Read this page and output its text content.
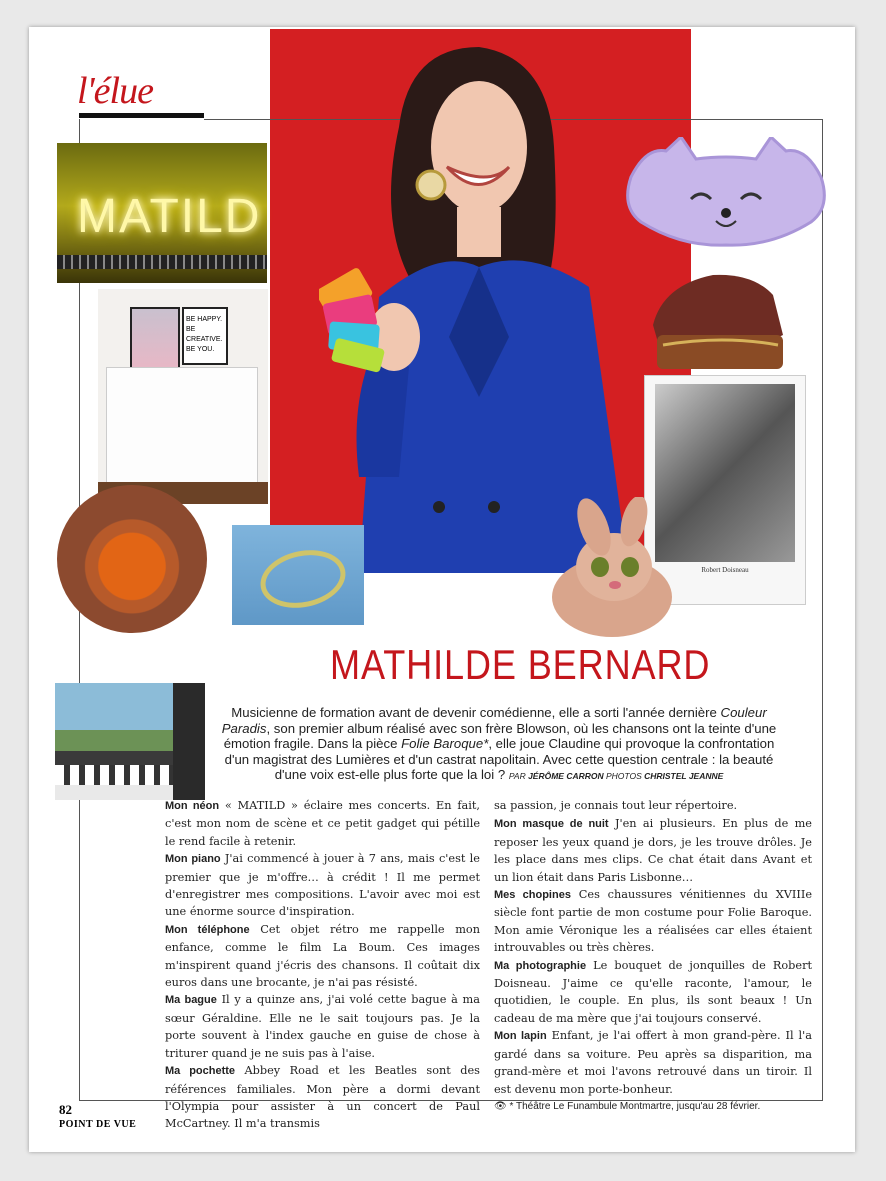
l'élue
MATILD
BE HAPPY.
BE CREATIVE.
BE YOU.
Robert Doisneau
MATHILDE BERNARD
Musicienne de formation avant de devenir comédienne, elle a sorti l'année dernière Couleur Paradis, son premier album réalisé avec son frère Blowson, où les chansons ont la teinte d'une émotion fragile. Dans la pièce Folie Baroque*, elle joue Claudine qui provoque la confrontation d'un magistrat des Lumières et d'un castrat napolitain. Avec cette question centrale : la beauté d'une voix est-elle plus forte que la loi ? PAR JÉRÔME CARRON PHOTOS CHRISTEL JEANNE

Mon néon « MATILD » éclaire mes concerts. En fait, c'est mon nom de scène et ce petit gadget qui pétille le rend facile à retenir.

Mon piano J'ai commencé à jouer à 7 ans, mais c'est le premier que je m'offre… à crédit ! Il me permet d'enregistrer mes compositions. L'avoir avec moi est une énorme source d'inspiration.

Mon téléphone Cet objet rétro me rappelle mon enfance, comme le film La Boum. Ces images m'inspirent quand j'écris des chansons. Il coûtait dix euros dans une brocante, je n'ai pas résisté.

Ma bague Il y a quinze ans, j'ai volé cette bague à ma sœur Géraldine. Elle ne le sait toujours pas. Je la porte souvent à l'index gauche en guise de chose à triturer quand je ne suis pas à l'aise.

Ma pochette Abbey Road et les Beatles sont des références familiales. Mon père a dormi devant l'Olympia pour assister à un concert de Paul McCartney. Il m'a transmis

sa passion, je connais tout leur répertoire.

Mon masque de nuit J'en ai plusieurs. En plus de me reposer les yeux quand je dors, je les trouve drôles. Je les place dans mes clips. Ce chat était dans Avant et un lion était dans Paris Lisbonne…

Mes chopines Ces chaussures vénitiennes du XVIIIe siècle font partie de mon costume pour Folie Baroque. Mon amie Véronique les a réalisées car elles étaient introuvables ou très chères.

Ma photographie Le bouquet de jonquilles de Robert Doisneau. J'aime ce qu'elle raconte, l'amour, le quotidien, le couple. En plus, ils sont beaux ! Un cadeau de ma mère que j'ai toujours conservé.

Mon lapin Enfant, je l'ai offert à mon grand-père. Il l'a gardé dans sa voiture. Peu après sa disparition, ma grand-mère et moi l'avons retrouvé dans un tiroir. Il est devenu mon porte-bonheur.

👁 * Théâtre Le Funambule Montmartre, jusqu'au 28 février.

82
POINT DE VUE
